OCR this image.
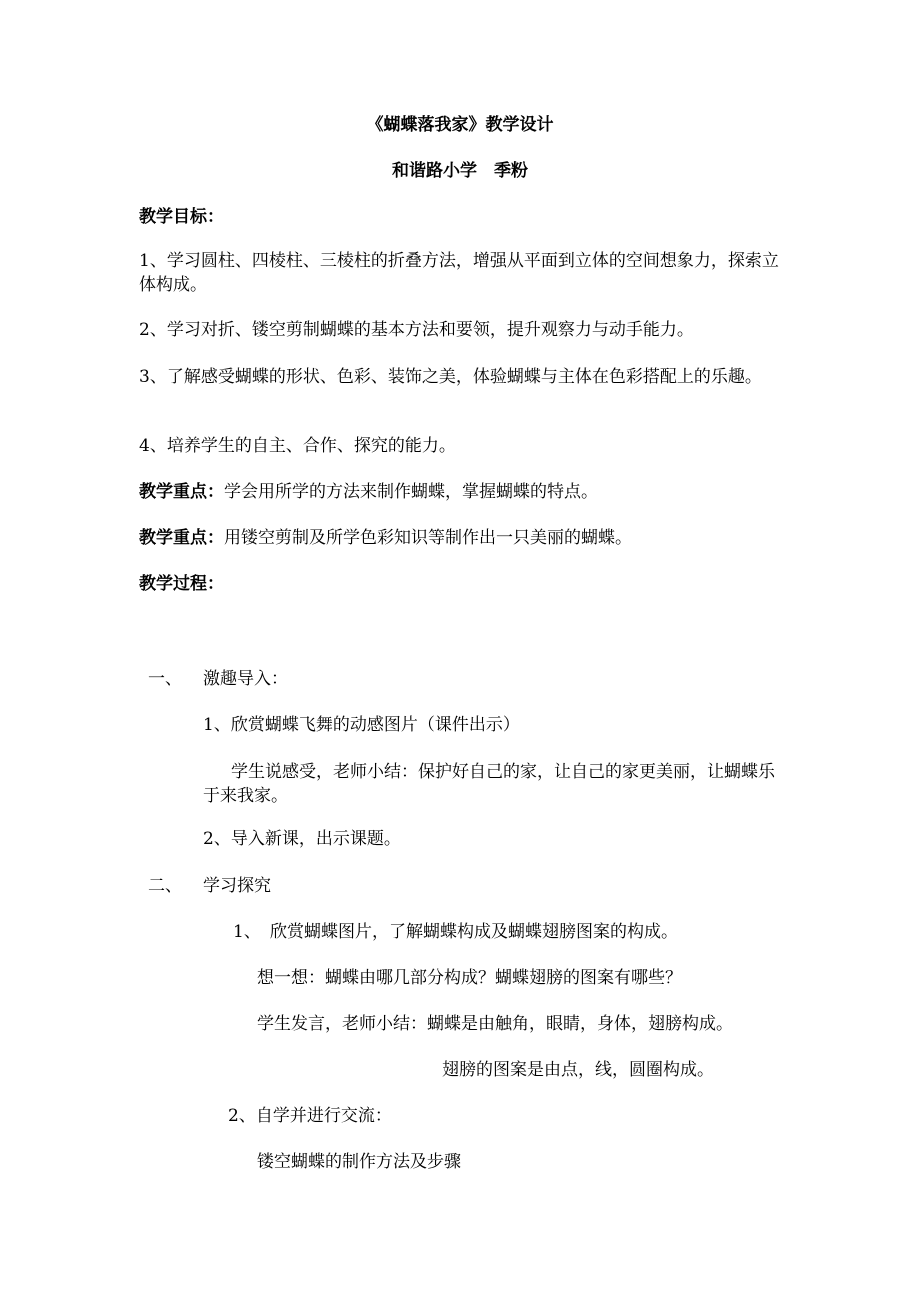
《蝴蝶落我家》教学设计
和谐路小学　季粉
教学目标：
1、学习圆柱、四棱柱、三棱柱的折叠方法，增强从平面到立体的空间想象力，探索立体构成。
2、学习对折、镂空剪制蝴蝶的基本方法和要领，提升观察力与动手能力。
3、了解感受蝴蝶的形状、色彩、装饰之美，体验蝴蝶与主体在色彩搭配上的乐趣。
4、培养学生的自主、合作、探究的能力。
教学重点：学会用所学的方法来制作蝴蝶，掌握蝴蝶的特点。
教学重点：用镂空剪制及所学色彩知识等制作出一只美丽的蝴蝶。
教学过程：
一、 激趣导入：
1、欣赏蝴蝶飞舞的动感图片（课件出示）
学生说感受，老师小结：保护好自己的家，让自己的家更美丽，让蝴蝶乐于来我家。
2、导入新课，出示课题。
二、 学习探究
1、 欣赏蝴蝶图片，了解蝴蝶构成及蝴蝶翅膀图案的构成。
想一想：蝴蝶由哪几部分构成？蝴蝶翅膀的图案有哪些？
学生发言，老师小结：蝴蝶是由触角，眼睛，身体，翅膀构成。
翅膀的图案是由点，线，圆圈构成。
2、自学并进行交流：
镂空蝴蝶的制作方法及步骤
